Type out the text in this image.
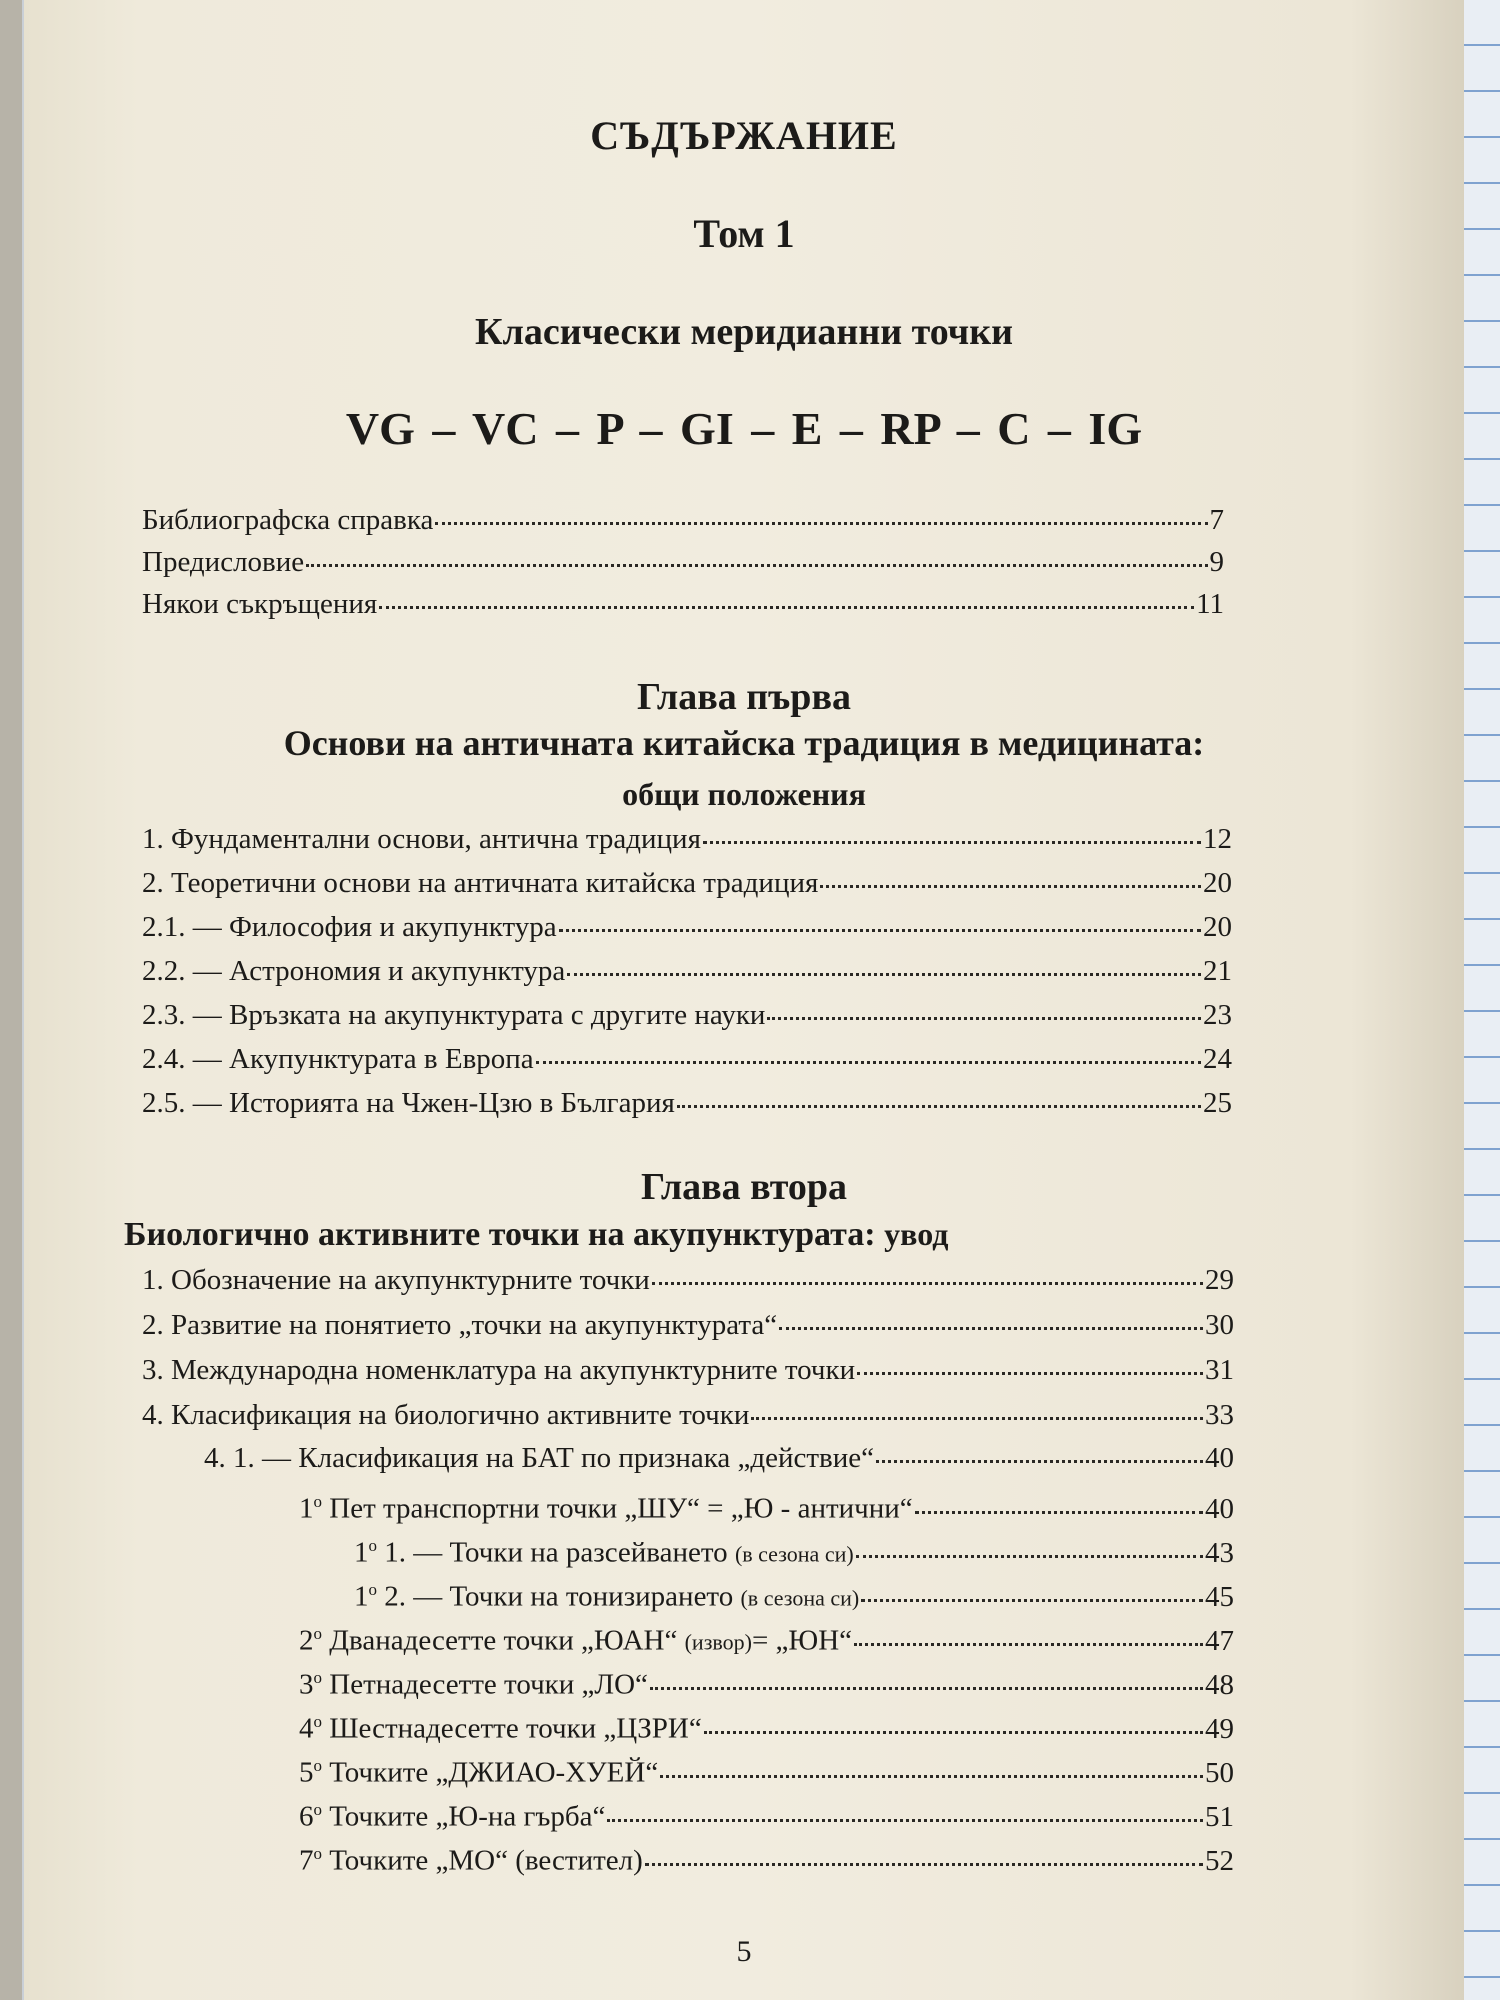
СЪДЪРЖАНИЕ
Том 1
Класически меридианни точки
VG – VC – P – GI – E – RP – C – IG
Библиографска справка	7
Предисловие	9
Някои съкръщения	11
Глава първа
Основи на античната китайска традиция в медицината:
общи положения
1. Фундаментални основи, антична традиция	12
2. Теоретични основи на античната китайска традиция	20
2.1. — Философия и акупунктура	20
2.2. — Астрономия и акупунктура	21
2.3. — Връзката на акупунктурата с другите науки	23
2.4. — Акупунктурата в Европа	24
2.5. — Историята на Чжен-Цзю в България	25
Глава втора
Биологично активните точки на акупунктурата: увод
1. Обозначение на акупунктурните точки	29
2. Развитие на понятието „точки на акупунктурата“	30
3. Международна номенклатура на акупунктурните точки	31
4. Класификация на биологично активните точки	33
4. 1. — Класификация на БАТ по признака „действие“	40
$1^о$ Пет транспортни точки „ШУ“ = „Ю - антични“	40
$1^о$ 1. — Точки на разсейването (в сезона си)	43
$1^о$ 2. — Точки на тонизирането (в сезона си)	45
$2^о$ Дванадесетте точки „ЮАН“ (извор)= „ЮН“	47
$3^о$ Петнадесетте точки „ЛО“	48
$4^о$ Шестнадесетте точки „ЦЗРИ“	49
$5^о$ Точките „ДЖИАО-ХУЕЙ“	50
$6^о$ Точките „Ю-на гърба“	51
$7^о$ Точките „МО“ (вестител)	52
5
